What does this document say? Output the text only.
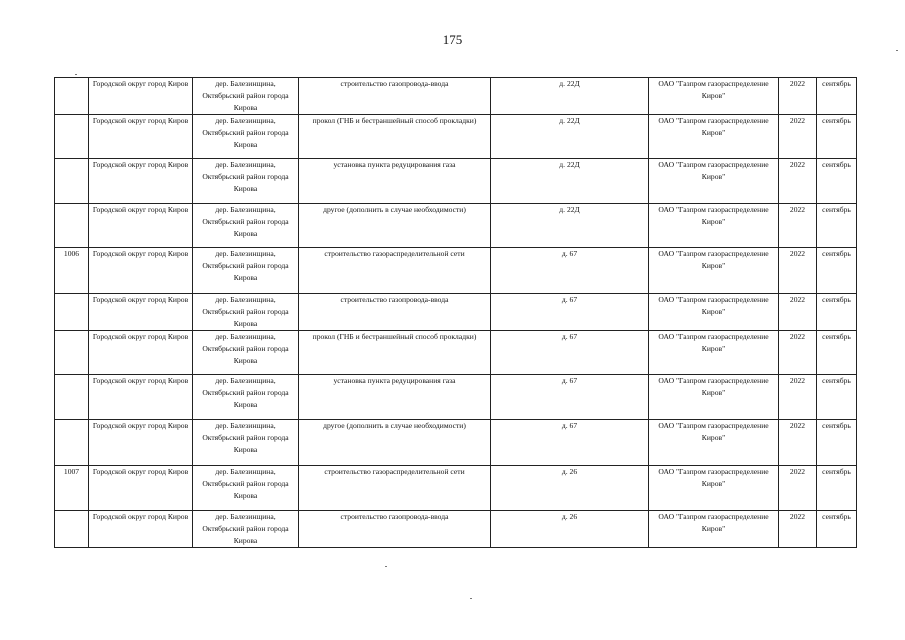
175
	Городской округ город Киров	дер. Балезинщина, Октябрьский район города Кирова	строительство газопровода-ввода	д. 22Д	ОАО "Газпром газораспределение Киров"	2022	сентябрь
	Городской округ город Киров	дер. Балезинщина, Октябрьский район города Кирова	прокол (ГНБ и бестраншейный способ прокладки)	д. 22Д	ОАО "Газпром газораспределение Киров"	2022	сентябрь
	Городской округ город Киров	дер. Балезинщина, Октябрьский район города Кирова	установка пункта редуцирования газа	д. 22Д	ОАО "Газпром газораспределение Киров"	2022	сентябрь
	Городской округ город Киров	дер. Балезинщина, Октябрьский район города Кирова	другое (дополнить в случае необходимости)	д. 22Д	ОАО "Газпром газораспределение Киров"	2022	сентябрь
1006	Городской округ город Киров	дер. Балезинщина, Октябрьский район города Кирова	строительство газораспределительной сети	д. 67	ОАО "Газпром газораспределение Киров"	2022	сентябрь
	Городской округ город Киров	дер. Балезинщина, Октябрьский район города Кирова	строительство газопровода-ввода	д. 67	ОАО "Газпром газораспределение Киров"	2022	сентябрь
	Городской округ город Киров	дер. Балезинщина, Октябрьский район города Кирова	прокол (ГНБ и бестраншейный способ прокладки)	д. 67	ОАО "Газпром газораспределение Киров"	2022	сентябрь
	Городской округ город Киров	дер. Балезинщина, Октябрьский район города Кирова	установка пункта редуцирования газа	д. 67	ОАО "Газпром газораспределение Киров"	2022	сентябрь
	Городской округ город Киров	дер. Балезинщина, Октябрьский район города Кирова	другое (дополнить в случае необходимости)	д. 67	ОАО "Газпром газораспределение Киров"	2022	сентябрь
1007	Городской округ город Киров	дер. Балезинщина, Октябрьский район города Кирова	строительство газораспределительной сети	д. 26	ОАО "Газпром газораспределение Киров"	2022	сентябрь
	Городской округ город Киров	дер. Балезинщина, Октябрьский район города Кирова	строительство газопровода-ввода	д. 26	ОАО "Газпром газораспределение Киров"	2022	сентябрь
